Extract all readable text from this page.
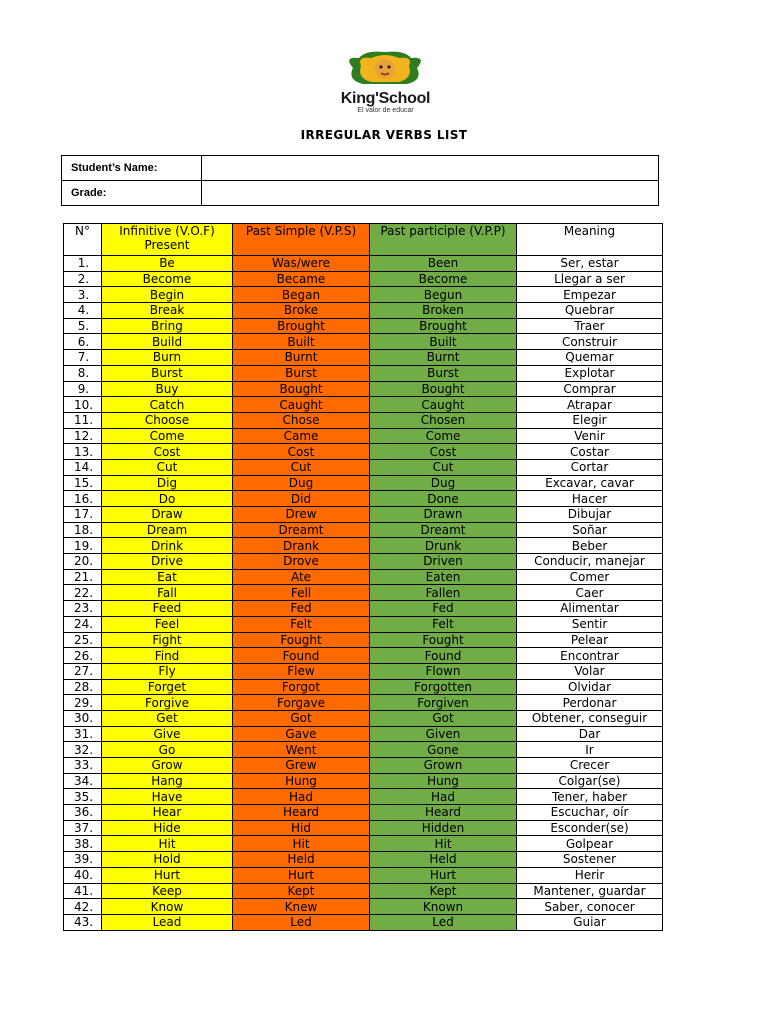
King'School
El valor de educar
IRREGULAR VERBS LIST
Student’s Name:	
Grade:	
N°	Infinitive (V.O.F) Present	Past Simple (V.P.S)	Past participle (V.P.P)	Meaning
1.	Be	Was/were	Been	Ser, estar
2.	Become	Became	Become	Llegar a ser
3.	Begin	Began	Begun	Empezar
4.	Break	Broke	Broken	Quebrar
5.	Bring	Brought	Brought	Traer
6.	Build	Built	Built	Construir
7.	Burn	Burnt	Burnt	Quemar
8.	Burst	Burst	Burst	Explotar
9.	Buy	Bought	Bought	Comprar
10.	Catch	Caught	Caught	Atrapar
11.	Choose	Chose	Chosen	Elegir
12.	Come	Came	Come	Venir
13.	Cost	Cost	Cost	Costar
14.	Cut	Cut	Cut	Cortar
15.	Dig	Dug	Dug	Excavar, cavar
16.	Do	Did	Done	Hacer
17.	Draw	Drew	Drawn	Dibujar
18.	Dream	Dreamt	Dreamt	Soñar
19.	Drink	Drank	Drunk	Beber
20.	Drive	Drove	Driven	Conducir, manejar
21.	Eat	Ate	Eaten	Comer
22.	Fall	Fell	Fallen	Caer
23.	Feed	Fed	Fed	Alimentar
24.	Feel	Felt	Felt	Sentir
25.	Fight	Fought	Fought	Pelear
26.	Find	Found	Found	Encontrar
27.	Fly	Flew	Flown	Volar
28.	Forget	Forgot	Forgotten	Olvidar
29.	Forgive	Forgave	Forgiven	Perdonar
30.	Get	Got	Got	Obtener, conseguir
31.	Give	Gave	Given	Dar
32.	Go	Went	Gone	Ir
33.	Grow	Grew	Grown	Crecer
34.	Hang	Hung	Hung	Colgar(se)
35.	Have	Had	Had	Tener, haber
36.	Hear	Heard	Heard	Escuchar, oír
37.	Hide	Hid	Hidden	Esconder(se)
38.	Hit	Hit	Hit	Golpear
39.	Hold	Held	Held	Sostener
40.	Hurt	Hurt	Hurt	Herir
41.	Keep	Kept	Kept	Mantener, guardar
42.	Know	Knew	Known	Saber, conocer
43.	Lead	Led	Led	Guiar
